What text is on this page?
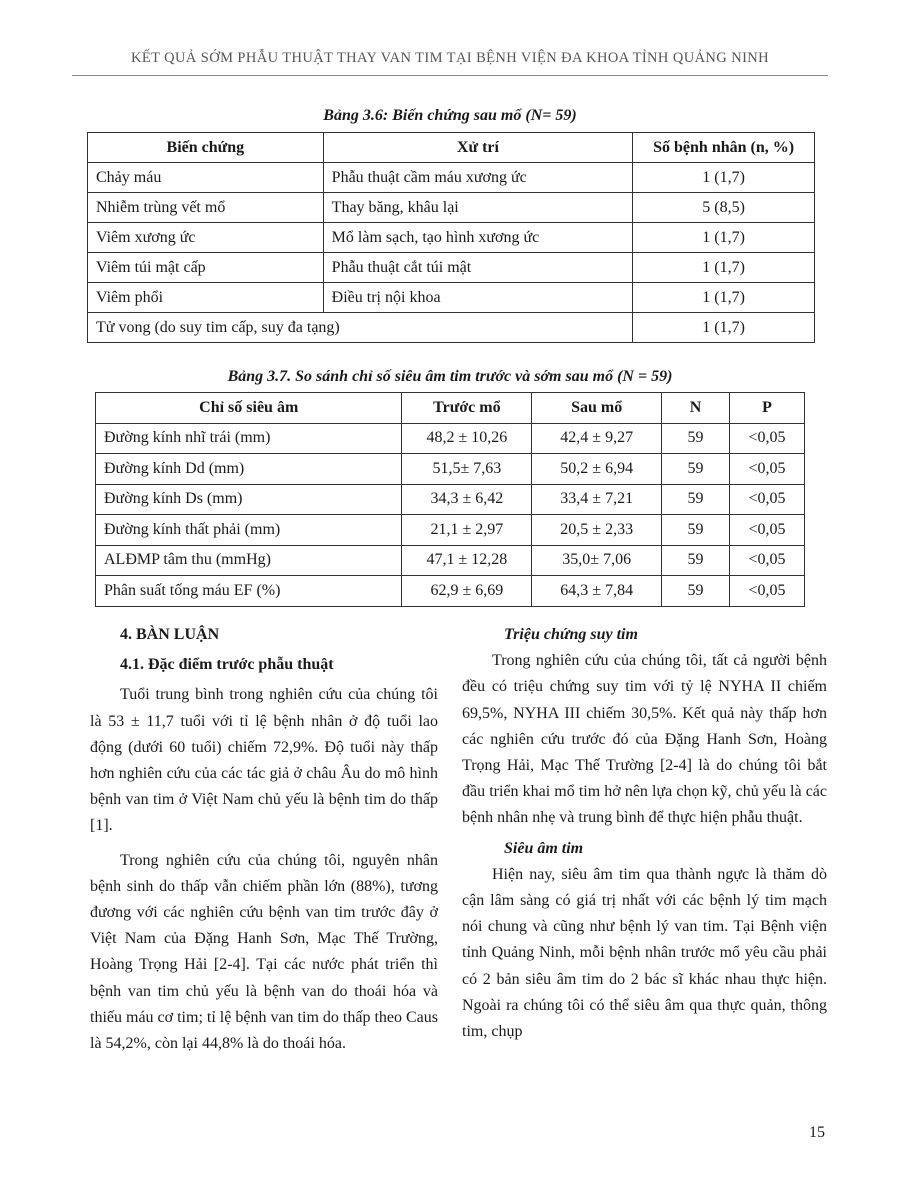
KẾT QUẢ SỚM PHẪU THUẬT THAY VAN TIM TẠI BỆNH VIỆN ĐA KHOA TỈNH QUẢNG NINH
Bảng 3.6: Biến chứng sau mổ (N= 59)
Biến chứng	Xử trí	Số bệnh nhân (n, %)
Chảy máu	Phẫu thuật cầm máu xương ức	1 (1,7)
Nhiễm trùng vết mổ	Thay băng, khâu lại	5 (8,5)
Viêm xương ức	Mổ làm sạch, tạo hình xương ức	1 (1,7)
Viêm túi mật cấp	Phẫu thuật cắt túi mật	1 (1,7)
Viêm phổi	Điều trị nội khoa	1 (1,7)
Tử vong (do suy tim cấp, suy đa tạng)		1 (1,7)
Bảng 3.7. So sánh chỉ số siêu âm tim trước và sớm sau mổ (N = 59)
Chỉ số siêu âm	Trước mổ	Sau mổ	N	P
Đường kính nhĩ trái (mm)	48,2 ± 10,26	42,4 ± 9,27	59	<0,05
Đường kính Dd (mm)	51,5± 7,63	50,2 ± 6,94	59	<0,05
Đường kính Ds (mm)	34,3 ± 6,42	33,4 ± 7,21	59	<0,05
Đường kính thất phải (mm)	21,1 ± 2,97	20,5 ± 2,33	59	<0,05
ALĐMP tâm thu (mmHg)	47,1 ± 12,28	35,0± 7,06	59	<0,05
Phân suất tống máu EF (%)	62,9 ± 6,69	64,3 ± 7,84	59	<0,05
4. BÀN LUẬN
4.1. Đặc điểm trước phẫu thuật

Tuổi trung bình trong nghiên cứu của chúng tôi là 53 ± 11,7 tuổi với tỉ lệ bệnh nhân ở độ tuổi lao động (dưới 60 tuổi) chiếm 72,9%. Độ tuổi này thấp hơn nghiên cứu của các tác giả ở châu Âu do mô hình bệnh van tim ở Việt Nam chủ yếu là bệnh tim do thấp [1].

Trong nghiên cứu của chúng tôi, nguyên nhân bệnh sinh do thấp vẫn chiếm phần lớn (88%), tương đương với các nghiên cứu bệnh van tim trước đây ở Việt Nam của Đặng Hanh Sơn, Mạc Thế Trường, Hoàng Trọng Hải [2-4]. Tại các nước phát triển thì bệnh van tim chủ yếu là bệnh van do thoái hóa và thiếu máu cơ tim; tỉ lệ bệnh van tim do thấp theo Caus là 54,2%, còn lại 44,8% là do thoái hóa.

Triệu chứng suy tim

Trong nghiên cứu của chúng tôi, tất cả người bệnh đều có triệu chứng suy tim với tỷ lệ NYHA II chiếm 69,5%, NYHA III chiếm 30,5%. Kết quả này thấp hơn các nghiên cứu trước đó của Đặng Hanh Sơn, Hoàng Trọng Hải, Mạc Thế Trường [2-4] là do chúng tôi bắt đầu triển khai mổ tim hở nên lựa chọn kỹ, chủ yếu là các bệnh nhân nhẹ và trung bình để thực hiện phẫu thuật.

Siêu âm tim

Hiện nay, siêu âm tim qua thành ngực là thăm dò cận lâm sàng có giá trị nhất với các bệnh lý tim mạch nói chung và cũng như bệnh lý van tim. Tại Bệnh viện tỉnh Quảng Ninh, mỗi bệnh nhân trước mổ yêu cầu phải có 2 bản siêu âm tim do 2 bác sĩ khác nhau thực hiện. Ngoài ra chúng tôi có thể siêu âm qua thực quản, thông tim, chụp

15
